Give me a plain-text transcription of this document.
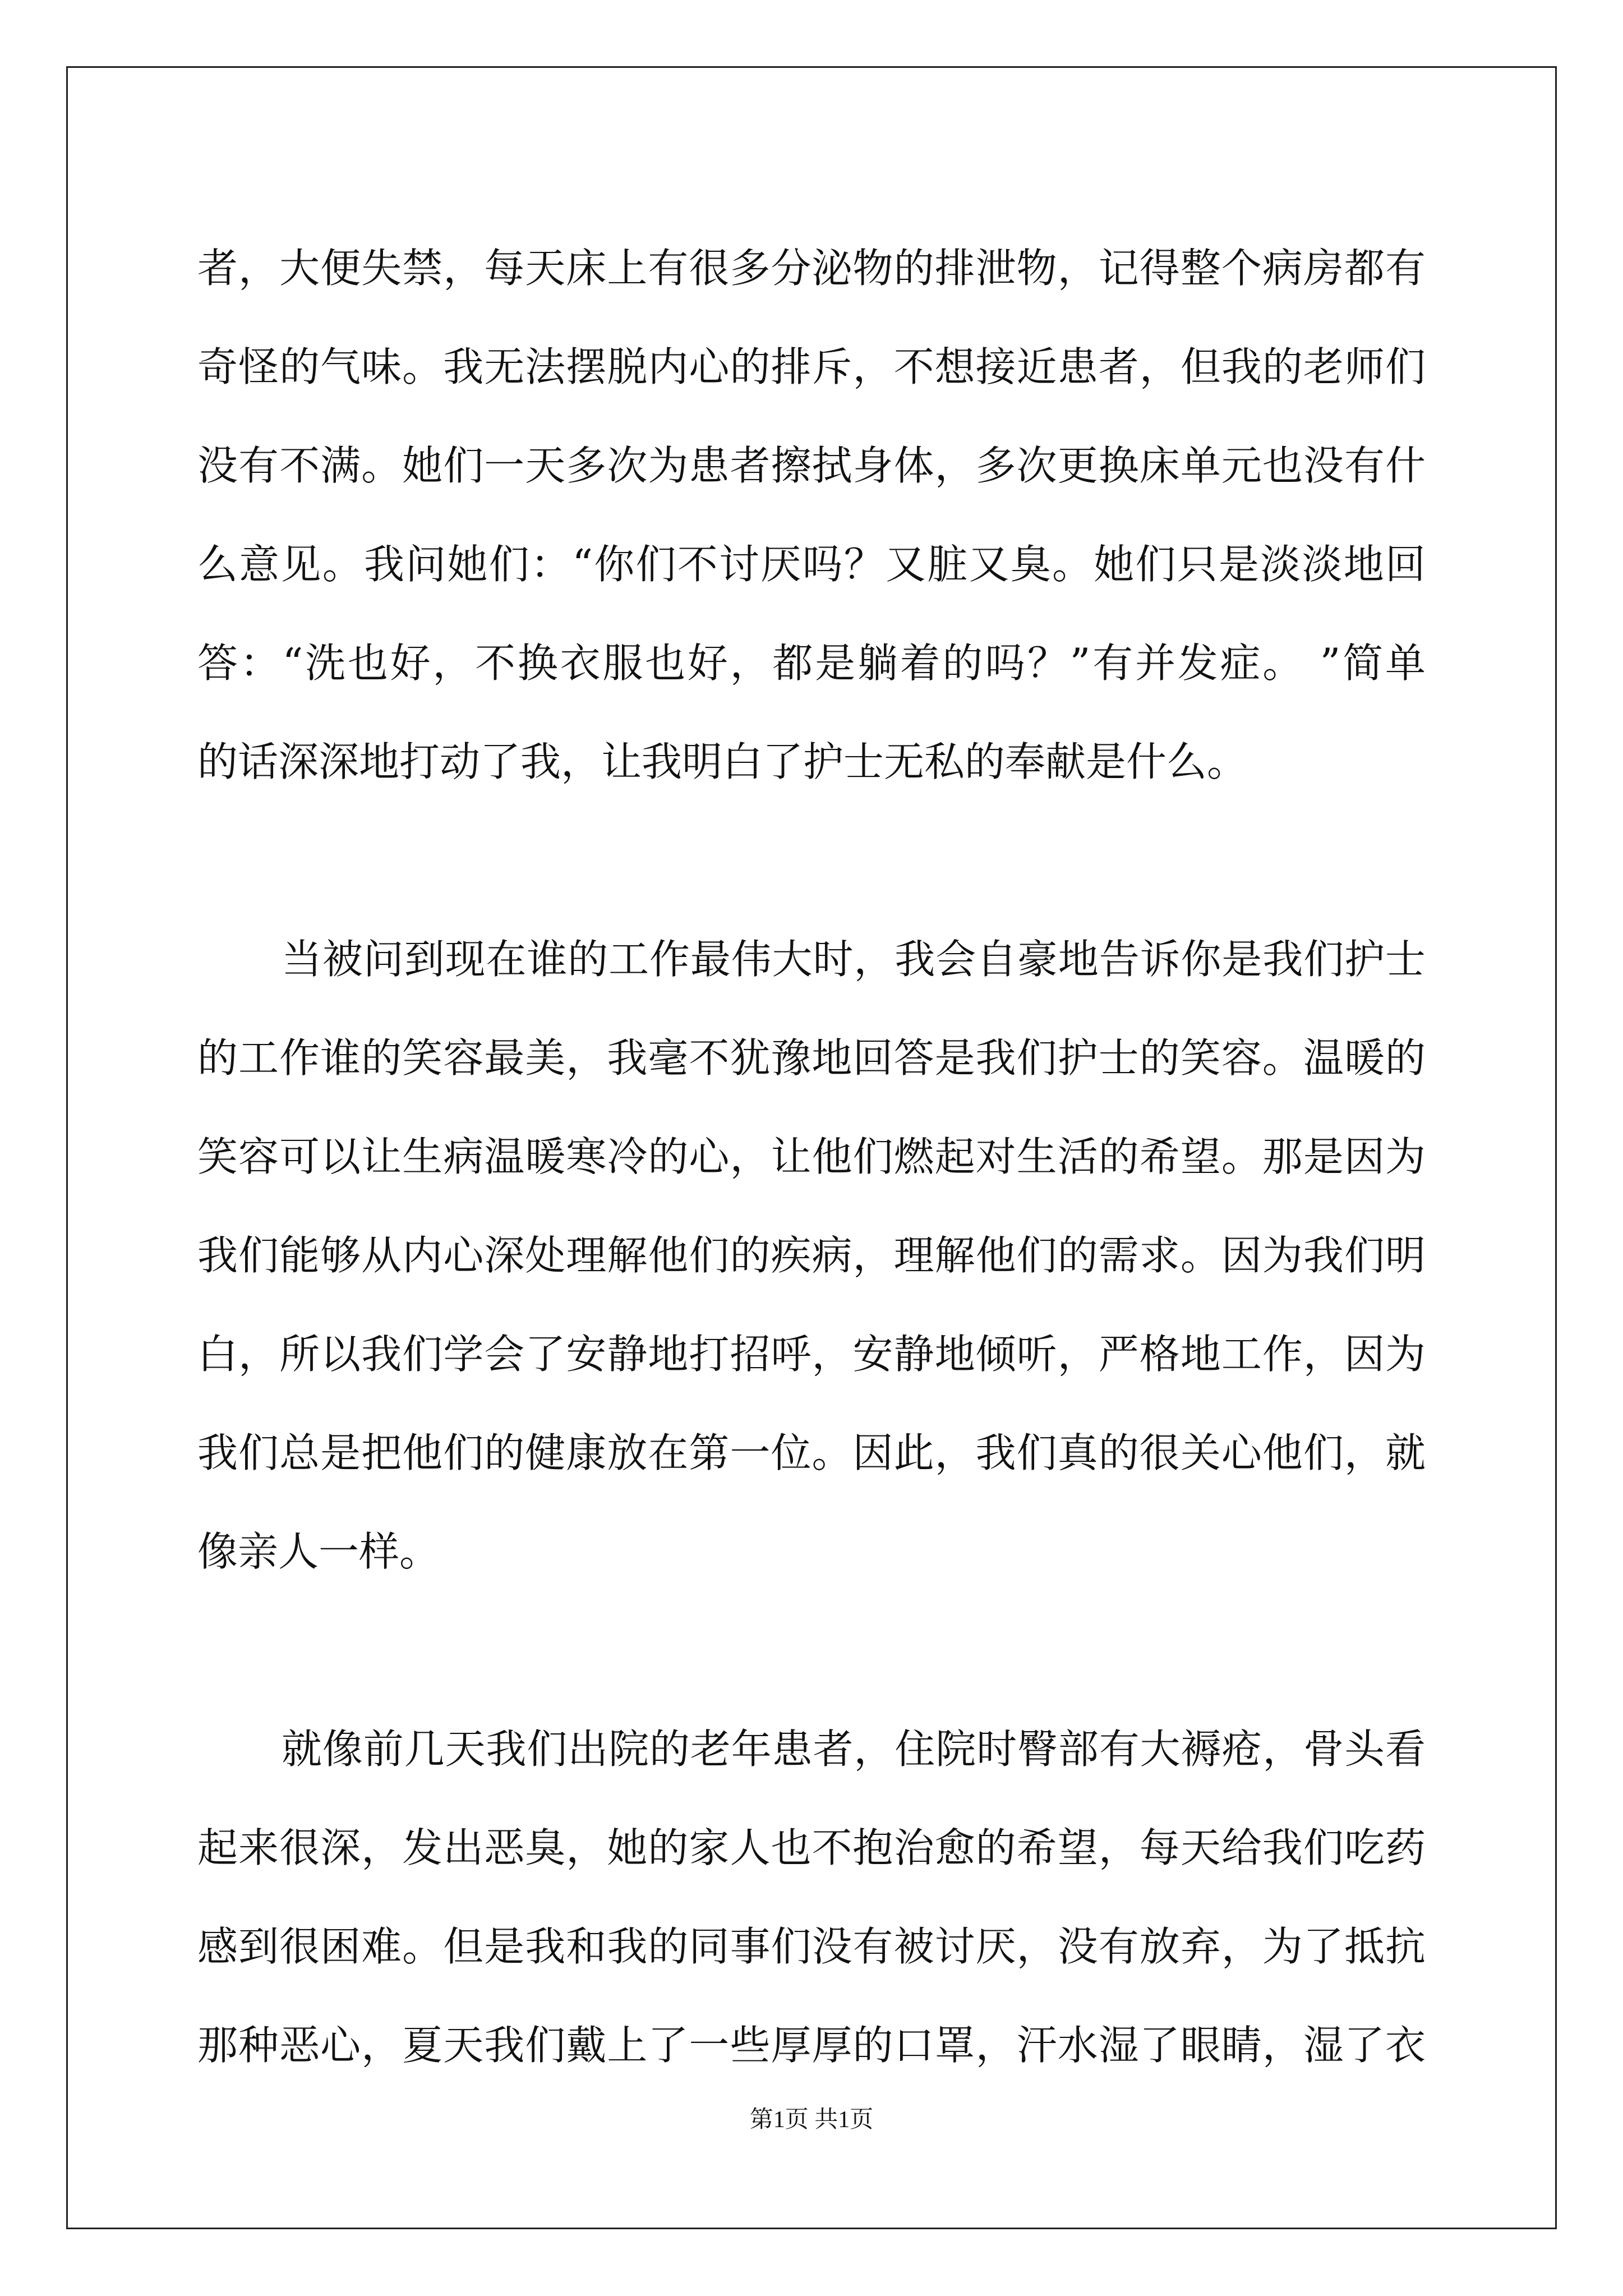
者，大便失禁，每天床上有很多分泌物的排泄物，记得整个病房都有
奇怪的气味。我无法摆脱内心的排斥，不想接近患者，但我的老师们
没有不满。她们一天多次为患者擦拭身体，多次更换床单元也没有什
么意见。我问她们：“你们不讨厌吗？又脏又臭。她们只是淡淡地回
答：“洗也好，不换衣服也好，都是躺着的吗？”有并发症。 ”简单
的话深深地打动了我，让我明白了护士无私的奉献是什么。
当被问到现在谁的工作最伟大时，我会自豪地告诉你是我们护士
的工作谁的笑容最美，我毫不犹豫地回答是我们护士的笑容。温暖的
笑容可以让生病温暖寒冷的心，让他们燃起对生活的希望。那是因为
我们能够从内心深处理解他们的疾病，理解他们的需求。因为我们明
白，所以我们学会了安静地打招呼，安静地倾听，严格地工作，因为
我们总是把他们的健康放在第一位。因此，我们真的很关心他们，就
像亲人一样。
就像前几天我们出院的老年患者，住院时臀部有大褥疮，骨头看
起来很深，发出恶臭，她的家人也不抱治愈的希望，每天给我们吃药
感到很困难。但是我和我的同事们没有被讨厌，没有放弃，为了抵抗
那种恶心，夏天我们戴上了一些厚厚的口罩，汗水湿了眼睛，湿了衣
第1页 共1页
